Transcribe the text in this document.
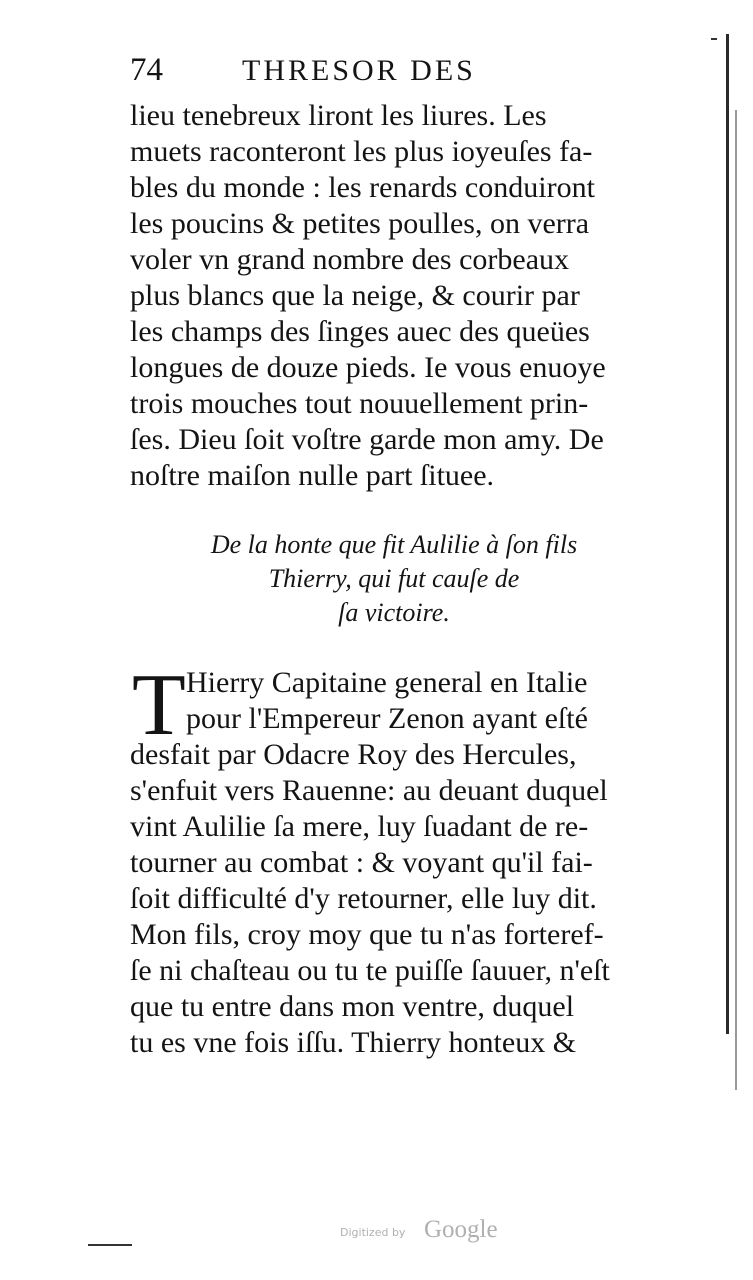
74	THRESOR DES
lieu tenebreux liront les liures. Les
muets raconteront les plus ioyeuſes fa-
bles du monde : les renards conduiront
les poucins & petites poulles, on verra
voler vn grand nombre des corbeaux
plus blancs que la neige, & courir par
les champs des ſinges auec des queües
longues de douze pieds. Ie vous enuoye
trois mouches tout nouuellement prin-
ſes. Dieu ſoit voſtre garde mon amy. De
noſtre maiſon nulle part ſituee.
De la honte que fit Aulilie à ſon fils
Thierry, qui fut cauſe de
ſa victoire.
T Hierry Capitaine general en Italie
pour l'Empereur Zenon ayant eſté
desfait par Odacre Roy des Hercules,
s'enfuit vers Rauenne: au deuant duquel
vint Aulilie ſa mere, luy ſuadant de re-
tourner au combat : & voyant qu'il fai-
ſoit difficulté d'y retourner, elle luy dit.
Mon fils, croy moy que tu n'as forteref-
ſe ni chaſteau ou tu te puiſſe ſauuer, n'eſt
que tu entre dans mon ventre, duquel
tu es vne fois iſſu. Thierry honteux &
Digitized by Google
